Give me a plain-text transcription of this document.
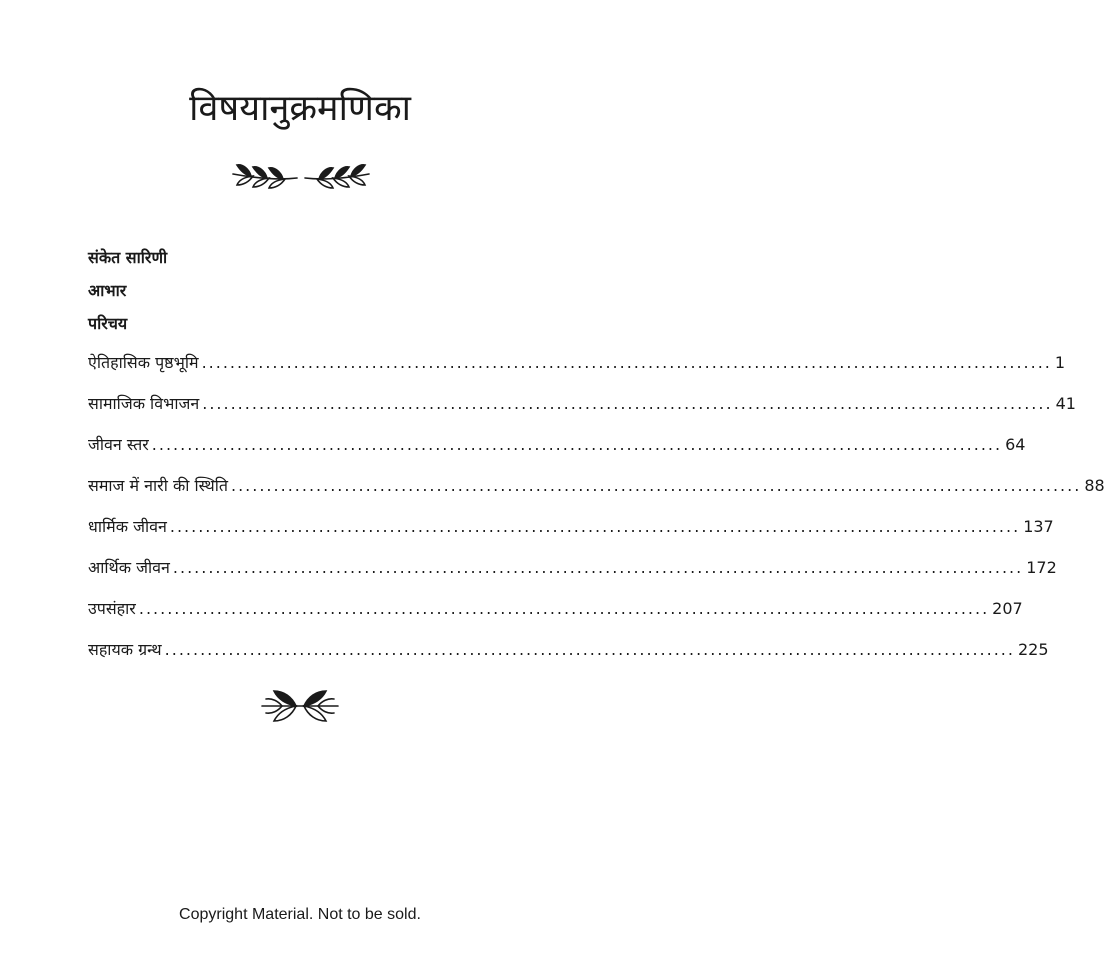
विषयानुक्रमणिका
संकेत सारिणी
आभार
परिचय
ऐतिहासिक पृष्ठभूमि ........................................................................................................................ 1
सामाजिक विभाजन ........................................................................................................................ 41
जीवन स्तर ........................................................................................................................ 64
समाज में नारी की स्थिति ........................................................................................................................ 88
धार्मिक जीवन ........................................................................................................................ 137
आर्थिक जीवन ........................................................................................................................ 172
उपसंहार ........................................................................................................................ 207
सहायक ग्रन्थ ........................................................................................................................ 225
Copyright Material. Not to be sold.
